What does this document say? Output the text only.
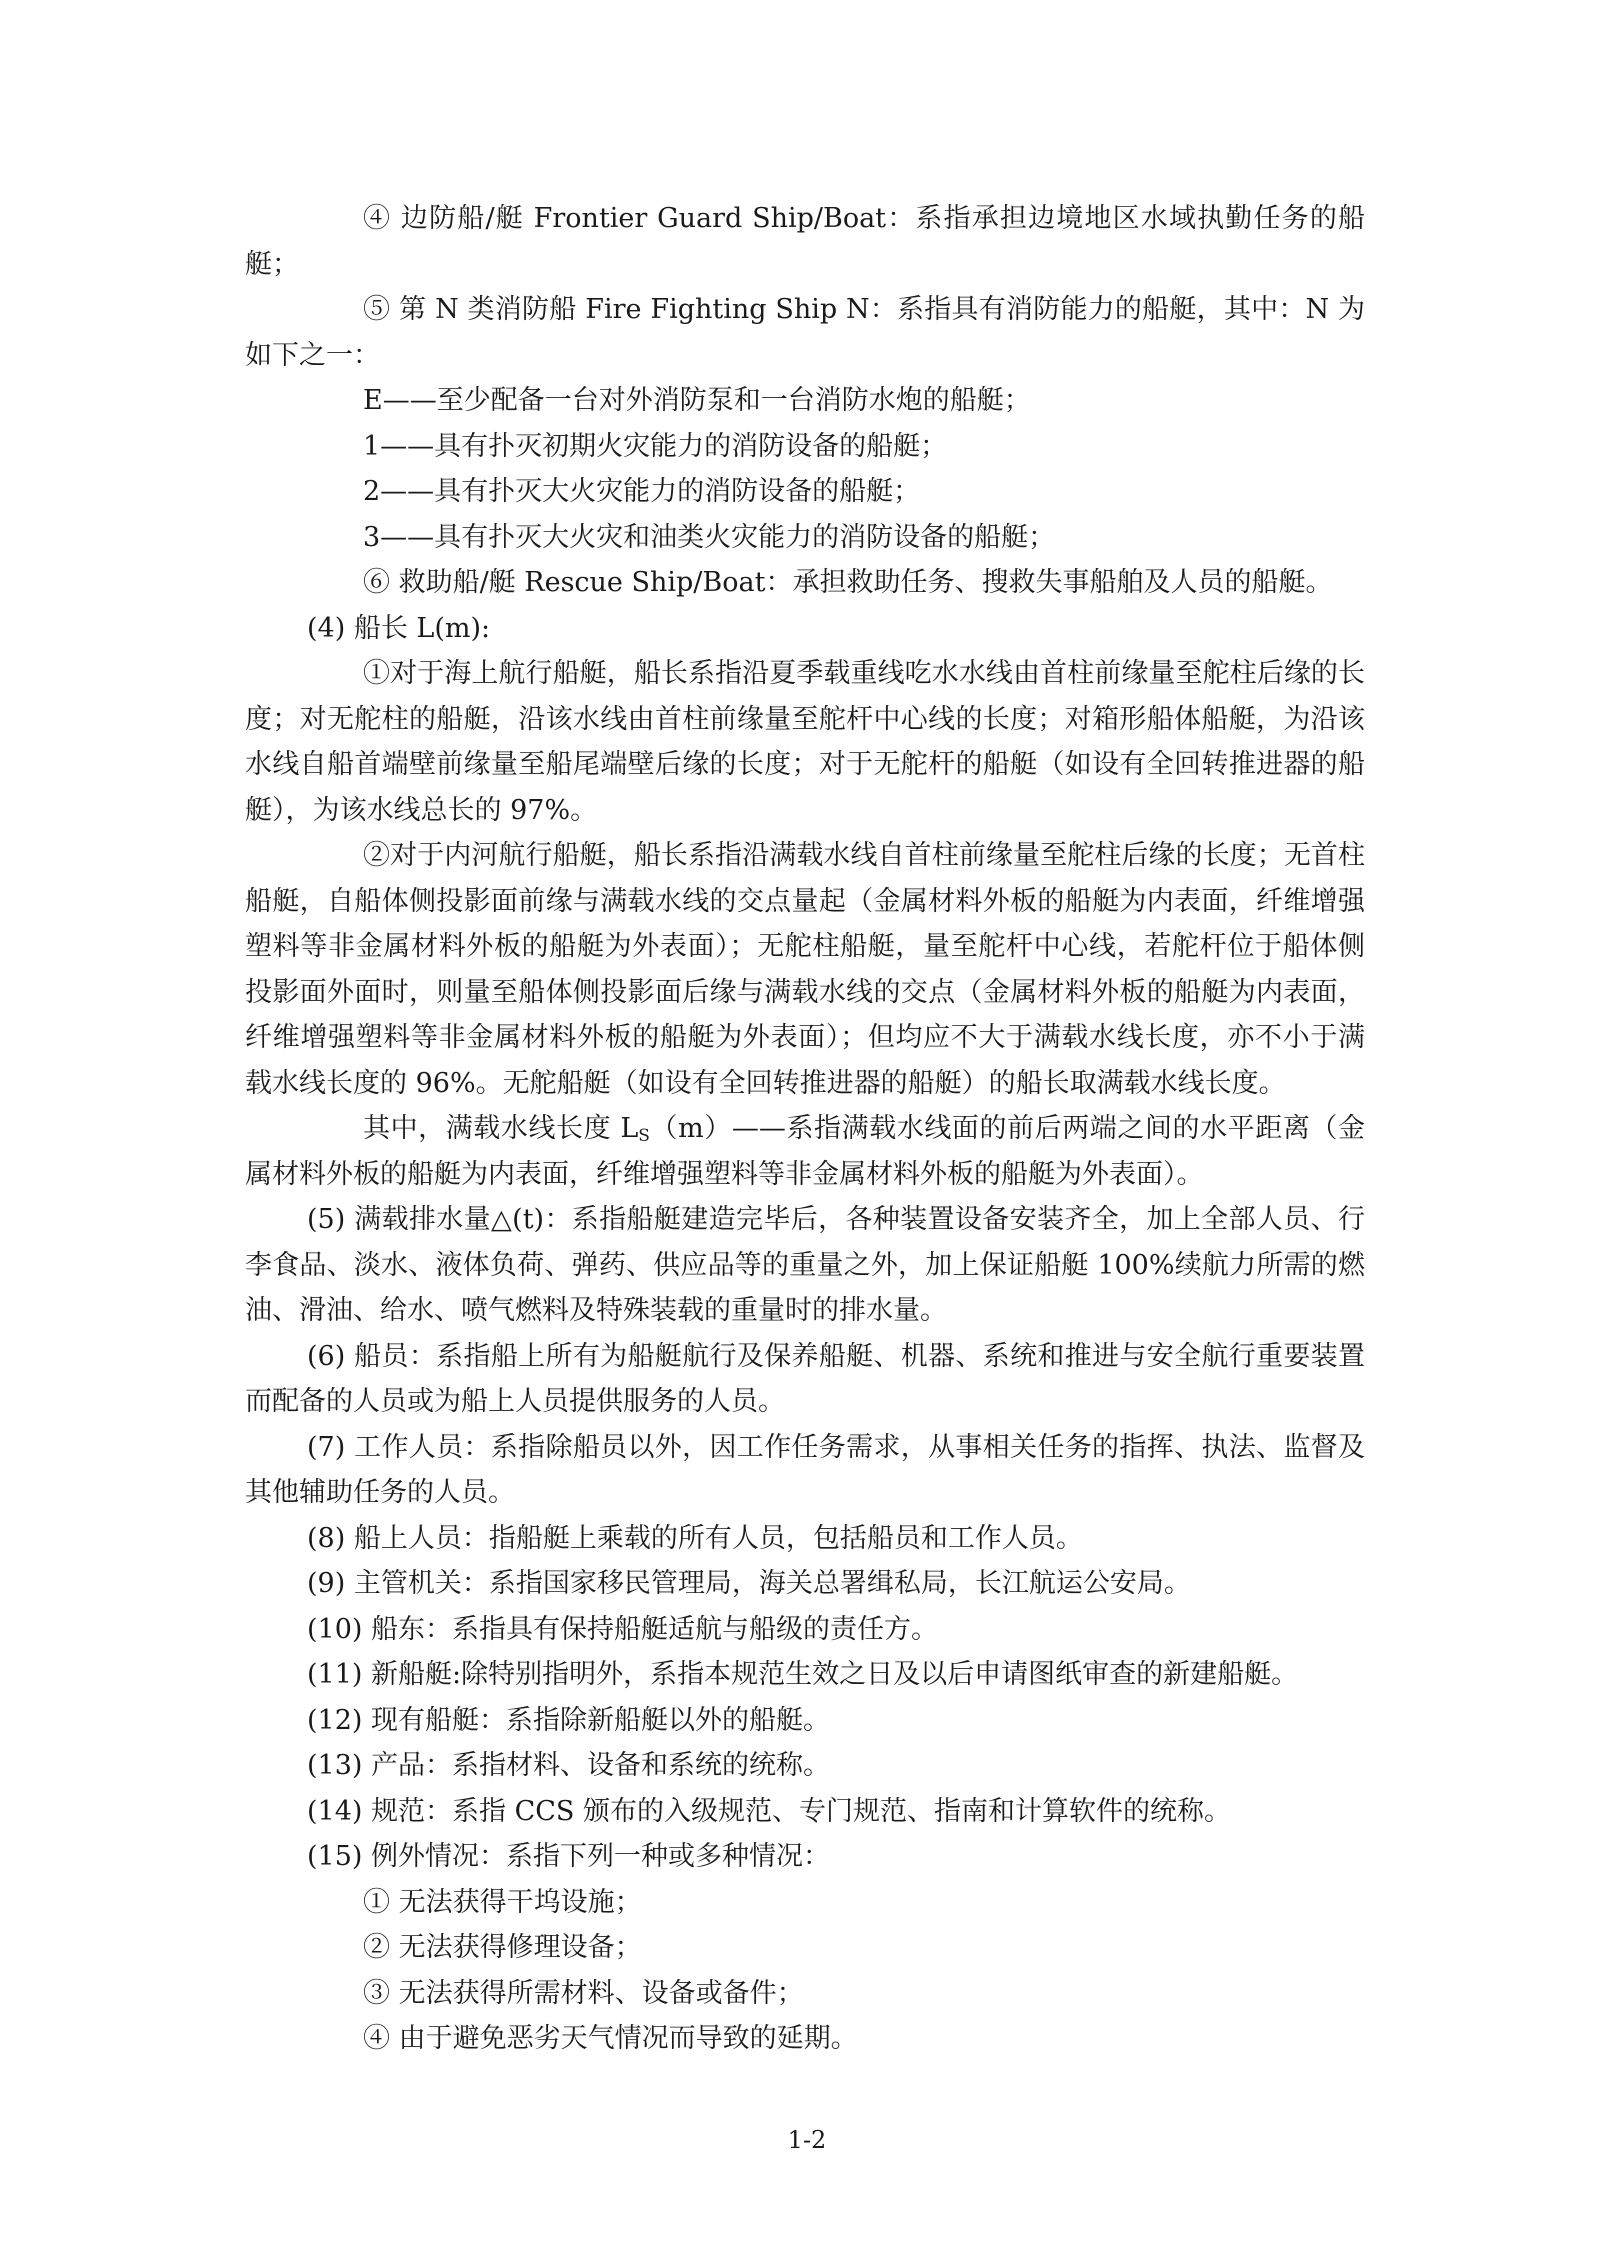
④ 边防船/艇 Frontier Guard Ship/Boat：系指承担边境地区水域执勤任务的船艇；

⑤ 第 N 类消防船 Fire Fighting Ship N：系指具有消防能力的船艇，其中：N 为如下之一：

E——至少配备一台对外消防泵和一台消防水炮的船艇；

1——具有扑灭初期火灾能力的消防设备的船艇；

2——具有扑灭大火灾能力的消防设备的船艇；

3——具有扑灭大火灾和油类火灾能力的消防设备的船艇；

⑥ 救助船/艇 Rescue Ship/Boat：承担救助任务、搜救失事船舶及人员的船艇。

(4) 船长 L(m):

①对于海上航行船艇，船长系指沿夏季载重线吃水水线由首柱前缘量至舵柱后缘的长度；对无舵柱的船艇，沿该水线由首柱前缘量至舵杆中心线的长度；对箱形船体船艇，为沿该水线自船首端壁前缘量至船尾端壁后缘的长度；对于无舵杆的船艇（如设有全回转推进器的船艇），为该水线总长的 97%。

②对于内河航行船艇，船长系指沿满载水线自首柱前缘量至舵柱后缘的长度；无首柱船艇，自船体侧投影面前缘与满载水线的交点量起（金属材料外板的船艇为内表面，纤维增强塑料等非金属材料外板的船艇为外表面）；无舵柱船艇，量至舵杆中心线，若舵杆位于船体侧投影面外面时，则量至船体侧投影面后缘与满载水线的交点（金属材料外板的船艇为内表面，纤维增强塑料等非金属材料外板的船艇为外表面）；但均应不大于满载水线长度，亦不小于满载水线长度的 96%。无舵船艇（如设有全回转推进器的船艇）的船长取满载水线长度。

其中，满载水线长度 $L_S(m)——$系指满载水线面的前后两端之间的水平距离（金属材料外板的船艇为内表面，纤维增强塑料等非金属材料外板的船艇为外表面）。

(5) 满载排水量△(t)：系指船艇建造完毕后，各种装置设备安装齐全，加上全部人员、行李食品、淡水、液体负荷、弹药、供应品等的重量之外，加上保证船艇 100%续航力所需的燃油、滑油、给水、喷气燃料及特殊装载的重量时的排水量。

(6) 船员：系指船上所有为船艇航行及保养船艇、机器、系统和推进与安全航行重要装置而配备的人员或为船上人员提供服务的人员。

(7) 工作人员：系指除船员以外，因工作任务需求，从事相关任务的指挥、执法、监督及其他辅助任务的人员。

(8) 船上人员：指船艇上乘载的所有人员，包括船员和工作人员。

(9) 主管机关：系指国家移民管理局，海关总署缉私局，长江航运公安局。

(10) 船东：系指具有保持船艇适航与船级的责任方。

(11) 新船艇:除特别指明外，系指本规范生效之日及以后申请图纸审查的新建船艇。

(12) 现有船艇：系指除新船艇以外的船艇。

(13) 产品：系指材料、设备和系统的统称。

(14) 规范：系指 CCS 颁布的入级规范、专门规范、指南和计算软件的统称。

(15) 例外情况：系指下列一种或多种情况：

① 无法获得干坞设施；

② 无法获得修理设备；

③ 无法获得所需材料、设备或备件；

④ 由于避免恶劣天气情况而导致的延期。

1-2
